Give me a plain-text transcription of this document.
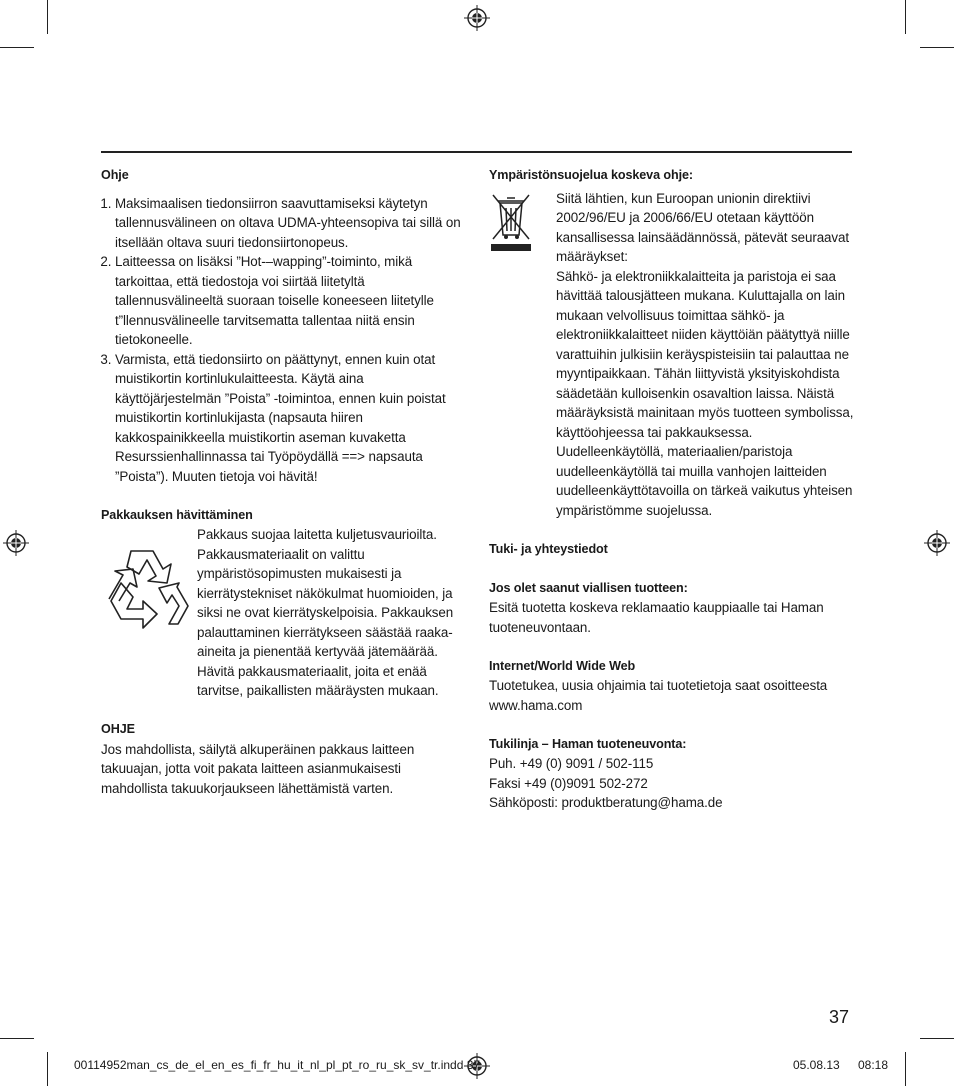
Ohje

1. Maksimaalisen tiedonsiirron saavuttamiseksi käytetyn tallennusvälineen on oltava UDMA-yhteensopiva tai sillä on itsellään oltava suuri tiedonsiirtonopeus.
2. Laitteessa on lisäksi ”Hot-–wapping”-toiminto, mikä tarkoittaa, että tiedostoja voi siirtää liitetyltä tallennusvälineeltä suoraan toiselle koneeseen liitetylle t”llennusvälineelle tarvitsematta tallentaa niitä ensin tietokoneelle.
3. Varmista, että tiedonsiirto on päättynyt, ennen kuin otat muistikortin kortinlukulaitteesta. Käytä aina käyttöjärjestelmän ”Poista” -toimintoa, ennen kuin poistat muistikortin kortinlukijasta (napsauta hiiren kakkospainikkeella muistikortin aseman kuvaketta Resurssienhallinnassa tai Työpöydällä ==> napsauta ”Poista”). Muuten tietoja voi hävitä!

Pakkauksen hävittäminen

Pakkaus suojaa laitetta kuljetusvaurioilta. Pakkausmateriaalit on valittu ympäristösopimusten mukaisesti ja kierrätystekniset näkökulmat huomioiden, ja siksi ne ovat kierrätyskelpoisia. Pakkauksen palauttaminen kierrätykseen säästää raaka-aineita ja pienentää kertyvää jätemäärää. Hävitä pakkausmateriaalit, joita et enää tarvitse, paikallisten määräysten mukaan.

OHJE

Jos mahdollista, säilytä alkuperäinen pakkaus laitteen takuuajan, jotta voit pakata laitteen asianmukaisesti mahdollista takuukorjaukseen lähettämistä varten.

Ympäristönsuojelua koskeva ohje:

Siitä lähtien, kun Euroopan unionin direktiivi 2002/96/EU ja 2006/66/EU otetaan käyttöön kansallisessa lainsäädännössä, pätevät seuraavat määräykset:

Sähkö- ja elektroniikkalaitteita ja paristoja ei saa hävittää talousjätteen mukana. Kuluttajalla on lain mukaan velvollisuus toimittaa sähkö- ja elektroniikkalaitteet niiden käyttöiän päätyttyä niille varattuihin julkisiin keräyspisteisiin tai palauttaa ne myyntipaikkaan. Tähän liittyvistä yksityiskohdista säädetään kulloisenkin osavaltion laissa. Näistä määräyksistä mainitaan myös tuotteen symbolissa, käyttöohjeessa tai pakkauksessa. Uudelleenkäytöllä, materiaalien/paristoja uudelleenkäytöllä tai muilla vanhojen laitteiden uudelleenkäyttötavoilla on tärkeä vaikutus yhteisen ympäristömme suojelussa.

Tuki- ja yhteystiedot

Jos olet saanut viallisen tuotteen:

Esitä tuotetta koskeva reklamaatio kauppiaalle tai Haman tuoteneuvontaan.

Internet/World Wide Web

Tuotetukea, uusia ohjaimia tai tuotetietoja saat osoitteesta www.hama.com

Tukilinja – Haman tuoteneuvonta:

Puh. +49 (0) 9091 / 502-115

Faksi +49 (0)9091 502-272

Sähköposti: produktberatung@hama.de

37
00114952man_cs_de_el_en_es_fi_fr_hu_it_nl_pl_pt_ro_ru_sk_sv_tr.indd 37	05.08.13 08:18
